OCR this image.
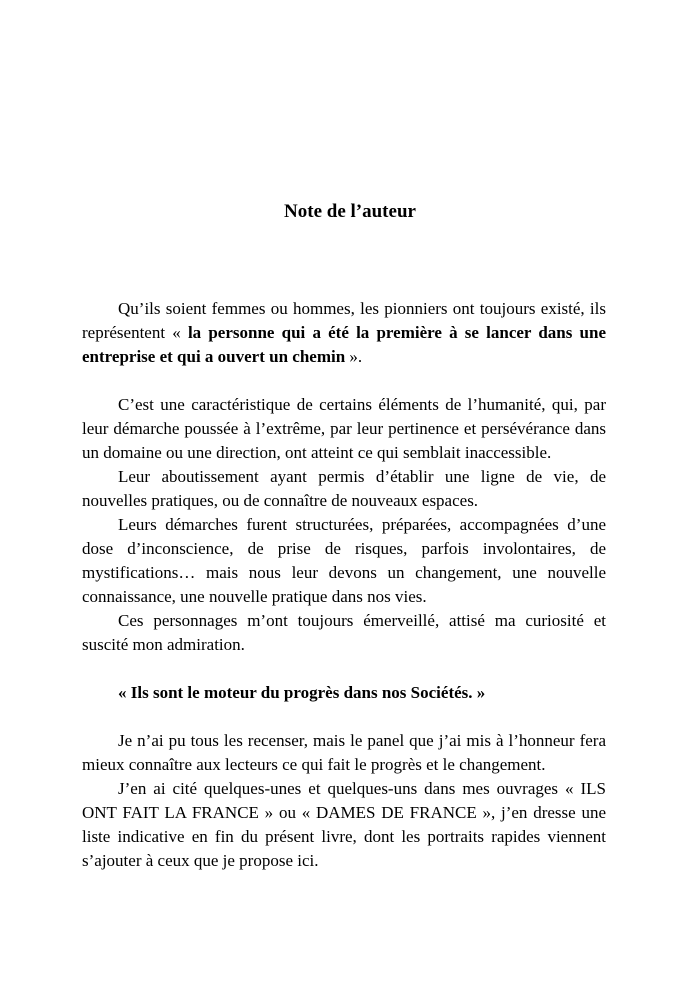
Note de l’auteur

Qu’ils soient femmes ou hommes, les pionniers ont toujours existé, ils représentent « la personne qui a été la première à se lancer dans une entreprise et qui a ouvert un chemin ».

C’est une caractéristique de certains éléments de l’humanité, qui, par leur démarche poussée à l’extrême, par leur pertinence et persévérance dans un domaine ou une direction, ont atteint ce qui semblait inaccessible.

Leur aboutissement ayant permis d’établir une ligne de vie, de nouvelles pratiques, ou de connaître de nouveaux espaces.

Leurs démarches furent structurées, préparées, accompagnées d’une dose d’inconscience, de prise de risques, parfois involontaires, de mystifications… mais nous leur devons un changement, une nouvelle connaissance, une nouvelle pratique dans nos vies.

Ces personnages m’ont toujours émerveillé, attisé ma curiosité et suscité mon admiration.

« Ils sont le moteur du progrès dans nos Sociétés. »

Je n’ai pu tous les recenser, mais le panel que j’ai mis à l’honneur fera mieux connaître aux lecteurs ce qui fait le progrès et le changement.

J’en ai cité quelques-unes et quelques-uns dans mes ouvrages « ILS ONT FAIT LA FRANCE » ou « DAMES DE FRANCE », j’en dresse une liste indicative en fin du présent livre, dont les portraits rapides viennent s’ajouter à ceux que je propose ici.
